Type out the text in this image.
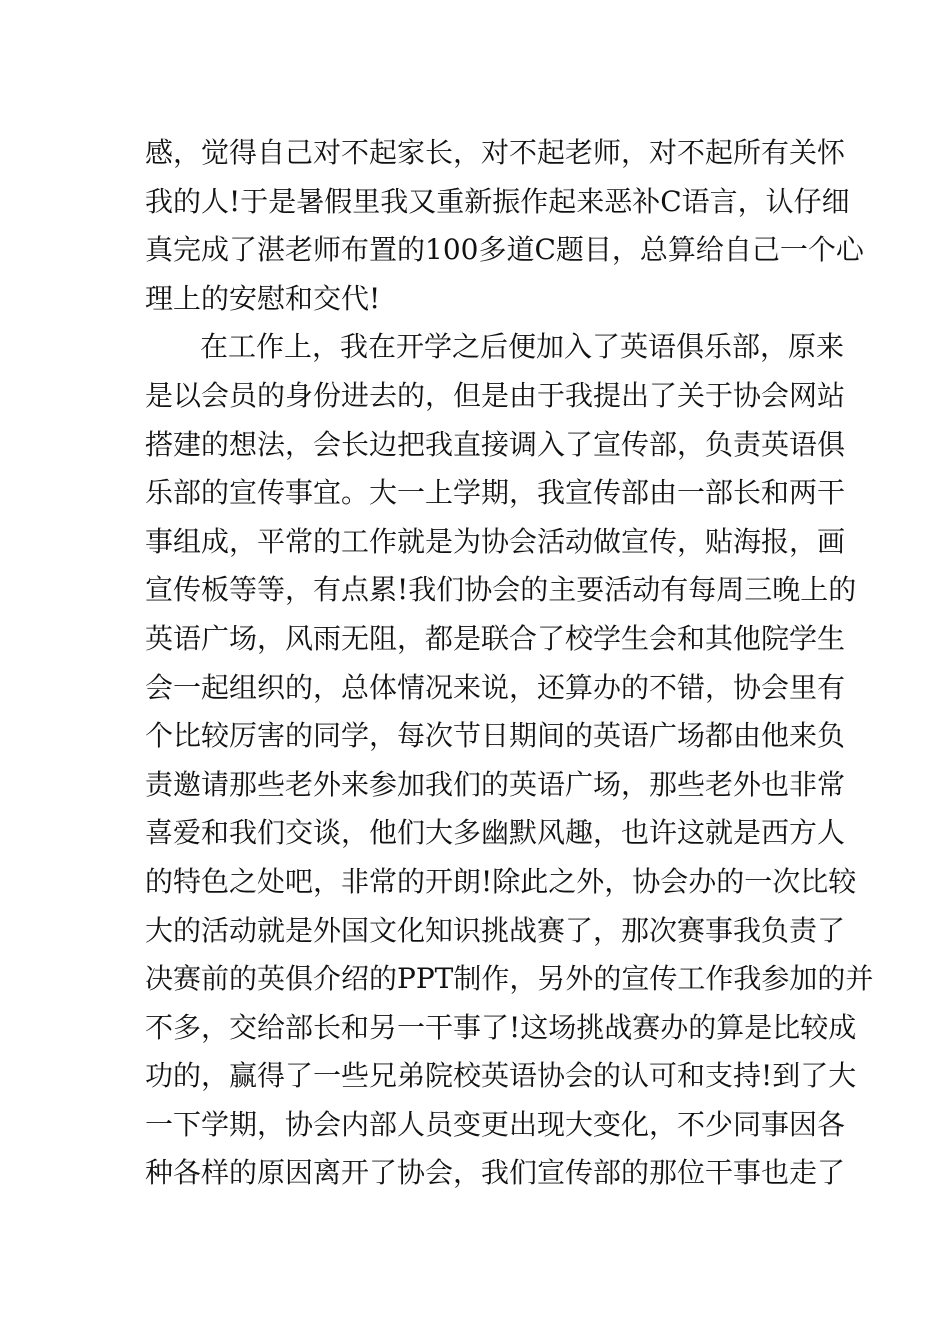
感，觉得自己对不起家长，对不起老师，对不起所有关怀
我的人!于是暑假里我又重新振作起来恶补C语言，认仔细
真完成了湛老师布置的100多道C题目，总算给自己一个心
理上的安慰和交代!
在工作上，我在开学之后便加入了英语俱乐部，原来
是以会员的身份进去的，但是由于我提出了关于协会网站
搭建的想法，会长边把我直接调入了宣传部，负责英语俱
乐部的宣传事宜。大一上学期，我宣传部由一部长和两干
事组成，平常的工作就是为协会活动做宣传，贴海报，画
宣传板等等，有点累!我们协会的主要活动有每周三晚上的
英语广场，风雨无阻，都是联合了校学生会和其他院学生
会一起组织的，总体情况来说，还算办的不错，协会里有
个比较厉害的同学，每次节日期间的英语广场都由他来负
责邀请那些老外来参加我们的英语广场，那些老外也非常
喜爱和我们交谈，他们大多幽默风趣，也许这就是西方人
的特色之处吧，非常的开朗!除此之外，协会办的一次比较
大的活动就是外国文化知识挑战赛了，那次赛事我负责了
决赛前的英俱介绍的PPT制作，另外的宣传工作我参加的并
不多，交给部长和另一干事了!这场挑战赛办的算是比较成
功的，赢得了一些兄弟院校英语协会的认可和支持!到了大
一下学期，协会内部人员变更出现大变化，不少同事因各
种各样的原因离开了协会，我们宣传部的那位干事也走了
